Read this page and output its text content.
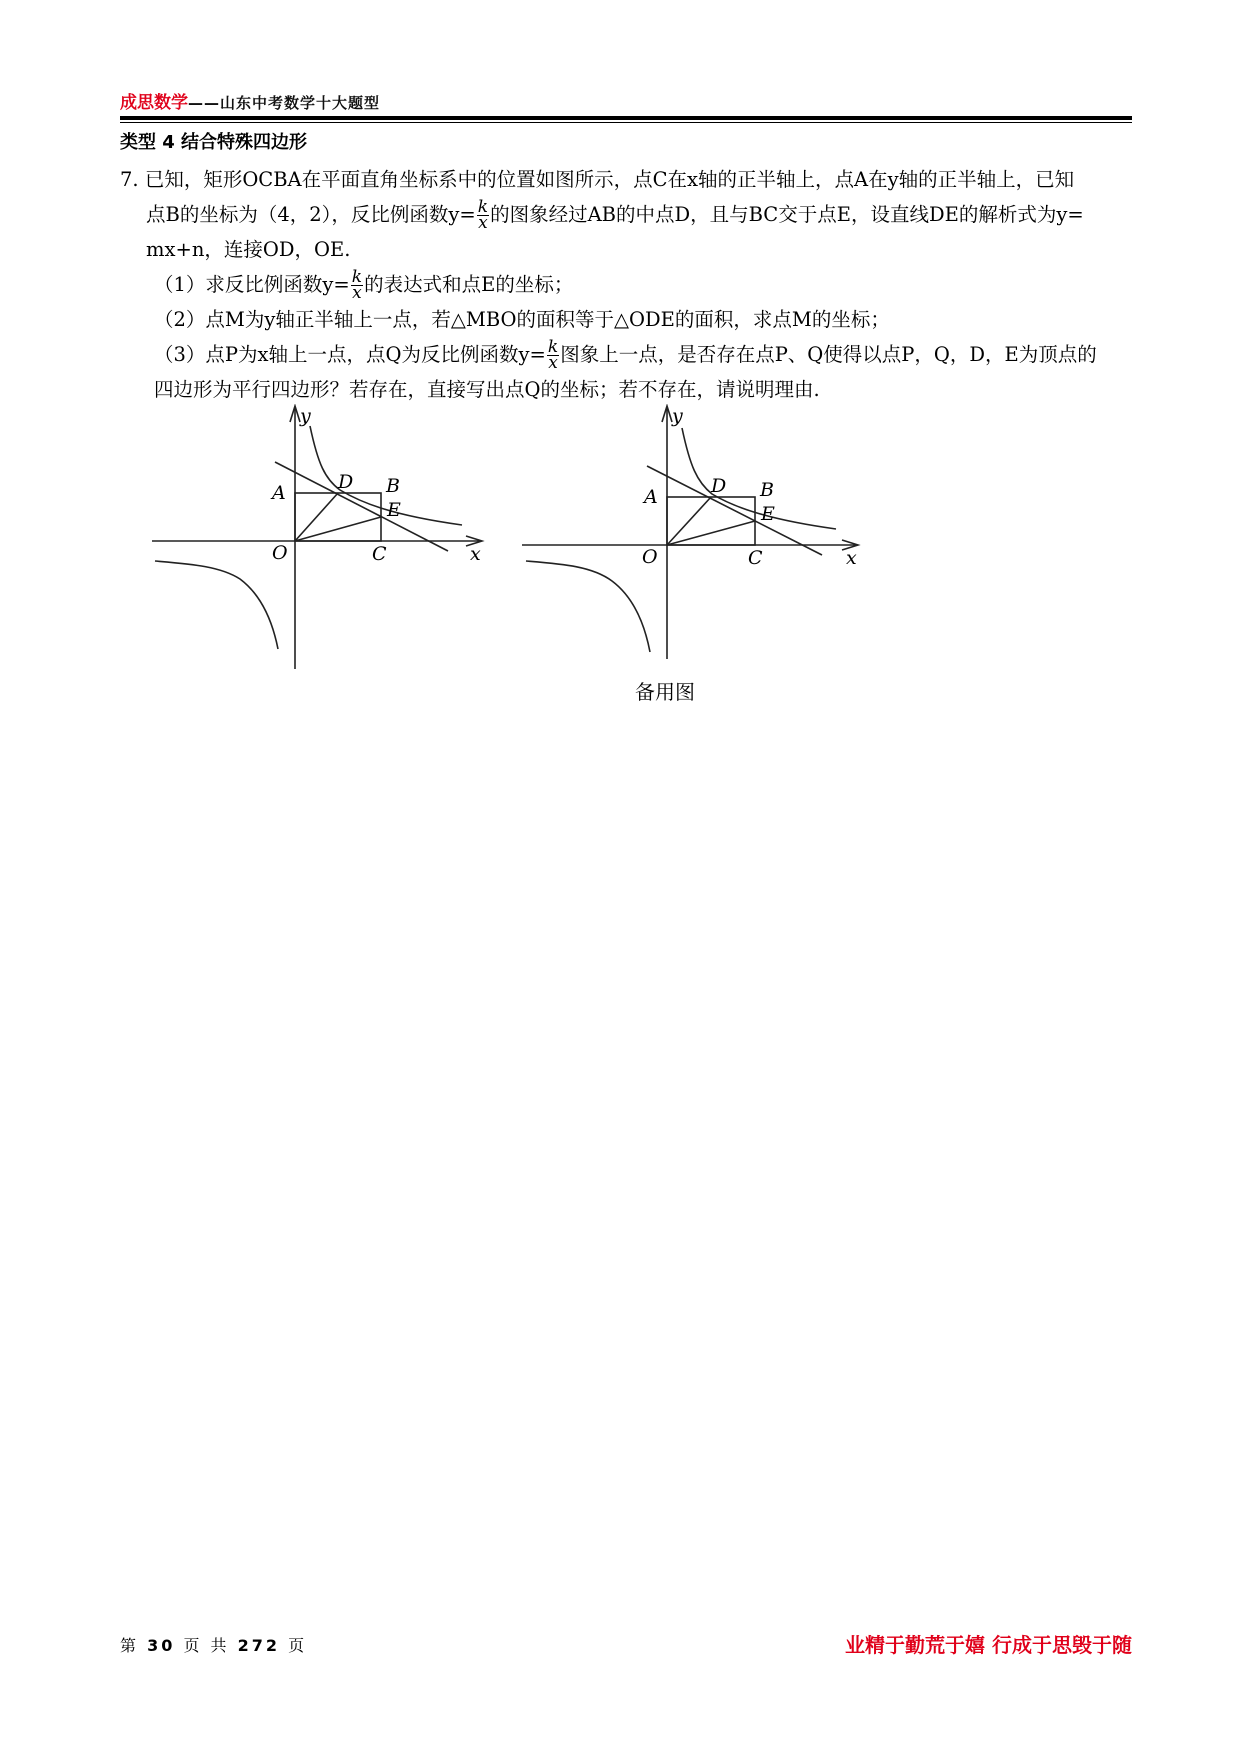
成思数学——山东中考数学十大题型
类型 4 结合特殊四边形
7. 已知，矩形OCBA在平面直角坐标系中的位置如图所示，点C在x轴的正半轴上，点A在y轴的正半轴上，已知
点B的坐标为（4，2），反比例函数$y= \frac{k}{x}$ 的图象经过AB的中点D，且与BC交于点E，设直线DE的解析式为y=
mx+n，连接OD，OE.
（1）求反比例函数$y= \frac{k}{x}$ 的表达式和点E的坐标；
（2）点M为y轴正半轴上一点，若△MBO的面积等于△ODE的面积，求点M的坐标；
（3）点P为x轴上一点，点Q为反比例函数$y= \frac{k}{x}$ 图象上一点，是否存在点P、Q使得以点P，Q，D，E为顶点的
四边形为平行四边形？若存在，直接写出点Q的坐标；若不存在，请说明理由.
y
x
O
A	D B
E
C
y
x
O
A	D B
E
C
备用图
第 30 页 共 272 页	业精于勤荒于嬉 行成于思毁于随
